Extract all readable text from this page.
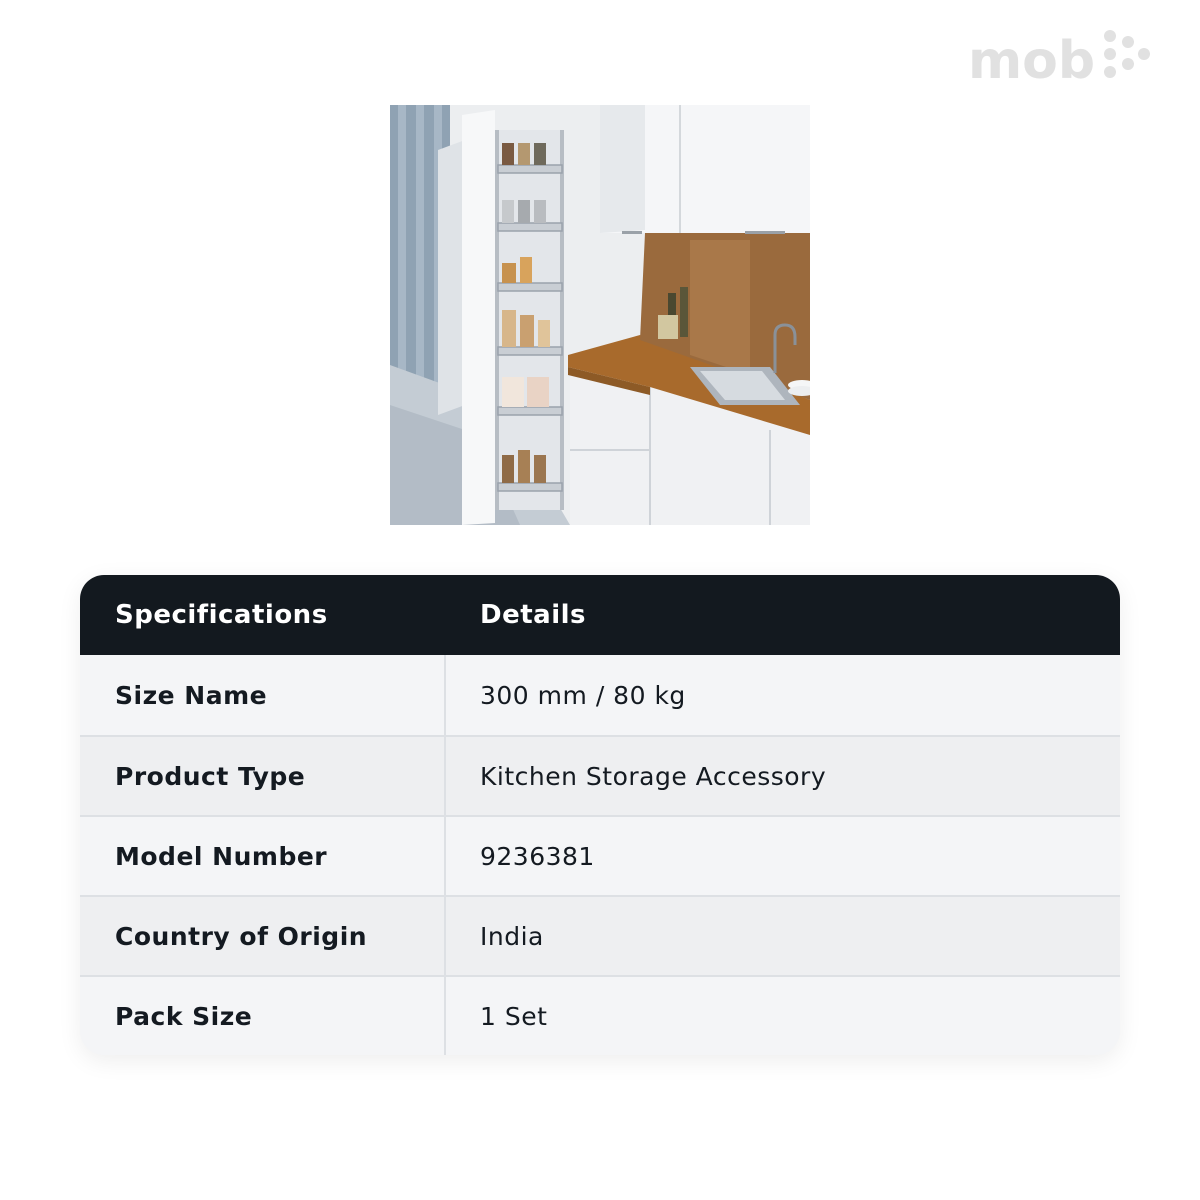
mob
Specifications	Details
Size Name	300 mm / 80 kg
Product Type	Kitchen Storage Accessory
Model Number	9236381
Country of Origin	India
Pack Size	1 Set
